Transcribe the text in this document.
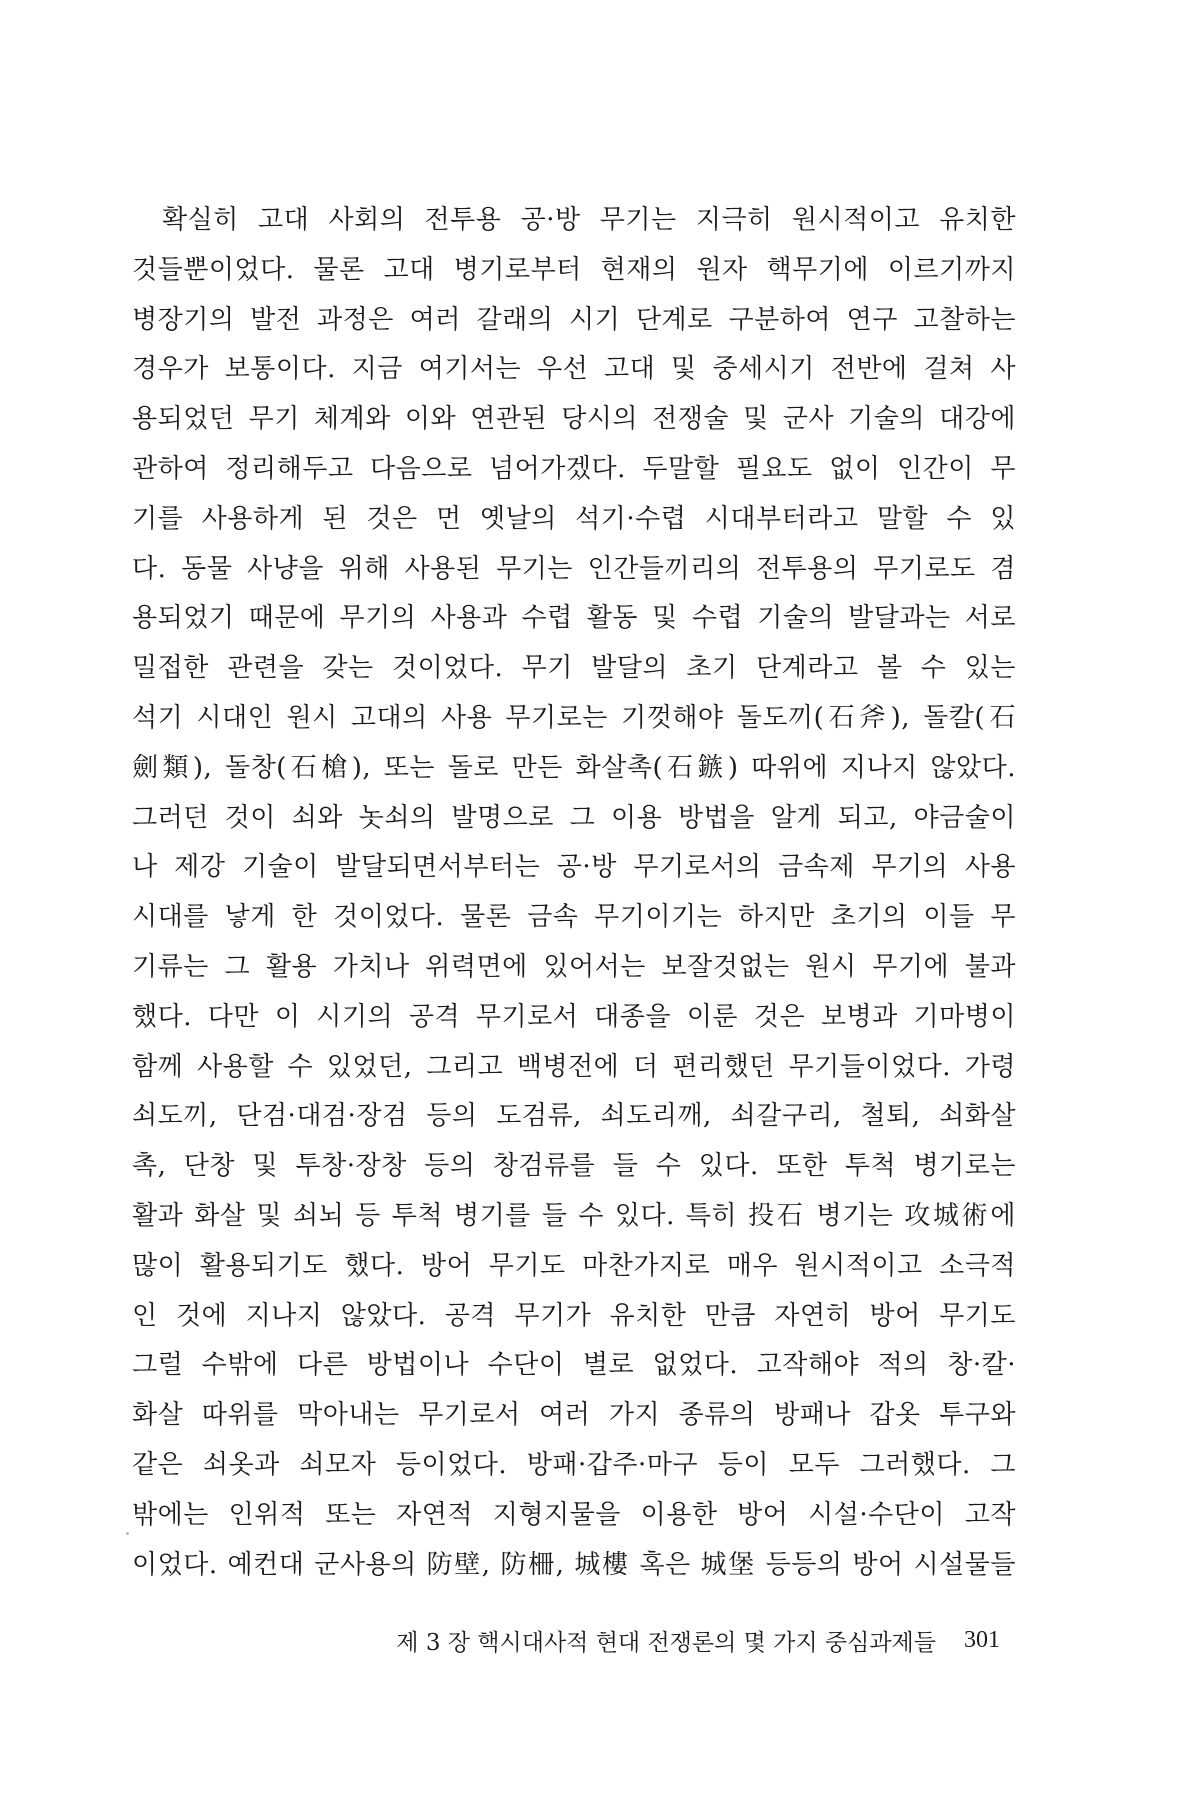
확실히 고대 사회의 전투용 공·방 무기는 지극히 원시적이고 유치한
것들뿐이었다. 물론 고대 병기로부터 현재의 원자 핵무기에 이르기까지
병장기의 발전 과정은 여러 갈래의 시기 단계로 구분하여 연구 고찰하는
경우가 보통이다. 지금 여기서는 우선 고대 및 중세시기 전반에 걸쳐 사
용되었던 무기 체계와 이와 연관된 당시의 전쟁술 및 군사 기술의 대강에
관하여 정리해두고 다음으로 넘어가겠다. 두말할 필요도 없이 인간이 무
기를 사용하게 된 것은 먼 옛날의 석기·수렵 시대부터라고 말할 수 있
다. 동물 사냥을 위해 사용된 무기는 인간들끼리의 전투용의 무기로도 겸
용되었기 때문에 무기의 사용과 수렵 활동 및 수렵 기술의 발달과는 서로
밀접한 관련을 갖는 것이었다. 무기 발달의 초기 단계라고 볼 수 있는
석기 시대인 원시 고대의 사용 무기로는 기껏해야 돌도끼(石斧), 돌칼(石
劍類), 돌창(石槍), 또는 돌로 만든 화살촉(石鏃) 따위에 지나지 않았다.
그러던 것이 쇠와 놋쇠의 발명으로 그 이용 방법을 알게 되고, 야금술이
나 제강 기술이 발달되면서부터는 공·방 무기로서의 금속제 무기의 사용
시대를 낳게 한 것이었다. 물론 금속 무기이기는 하지만 초기의 이들 무
기류는 그 활용 가치나 위력면에 있어서는 보잘것없는 원시 무기에 불과
했다. 다만 이 시기의 공격 무기로서 대종을 이룬 것은 보병과 기마병이
함께 사용할 수 있었던, 그리고 백병전에 더 편리했던 무기들이었다. 가령
쇠도끼, 단검·대검·장검 등의 도검류, 쇠도리깨, 쇠갈구리, 철퇴, 쇠화살
촉, 단창 및 투창·장창 등의 창검류를 들 수 있다. 또한 투척 병기로는
활과 화살 및 쇠뇌 등 투척 병기를 들 수 있다. 특히 投石 병기는 攻城術에
많이 활용되기도 했다. 방어 무기도 마찬가지로 매우 원시적이고 소극적
인 것에 지나지 않았다. 공격 무기가 유치한 만큼 자연히 방어 무기도
그럴 수밖에 다른 방법이나 수단이 별로 없었다. 고작해야 적의 창·칼·
화살 따위를 막아내는 무기로서 여러 가지 종류의 방패나 갑옷 투구와
같은 쇠옷과 쇠모자 등이었다. 방패·갑주·마구 등이 모두 그러했다. 그
밖에는 인위적 또는 자연적 지형지물을 이용한 방어 시설·수단이 고작
이었다. 예컨대 군사용의 防壁, 防柵, 城樓 혹은 城堡 등등의 방어 시설물들
제 3 장 핵시대사적 현대 전쟁론의 몇 가지 중심과제들 301
